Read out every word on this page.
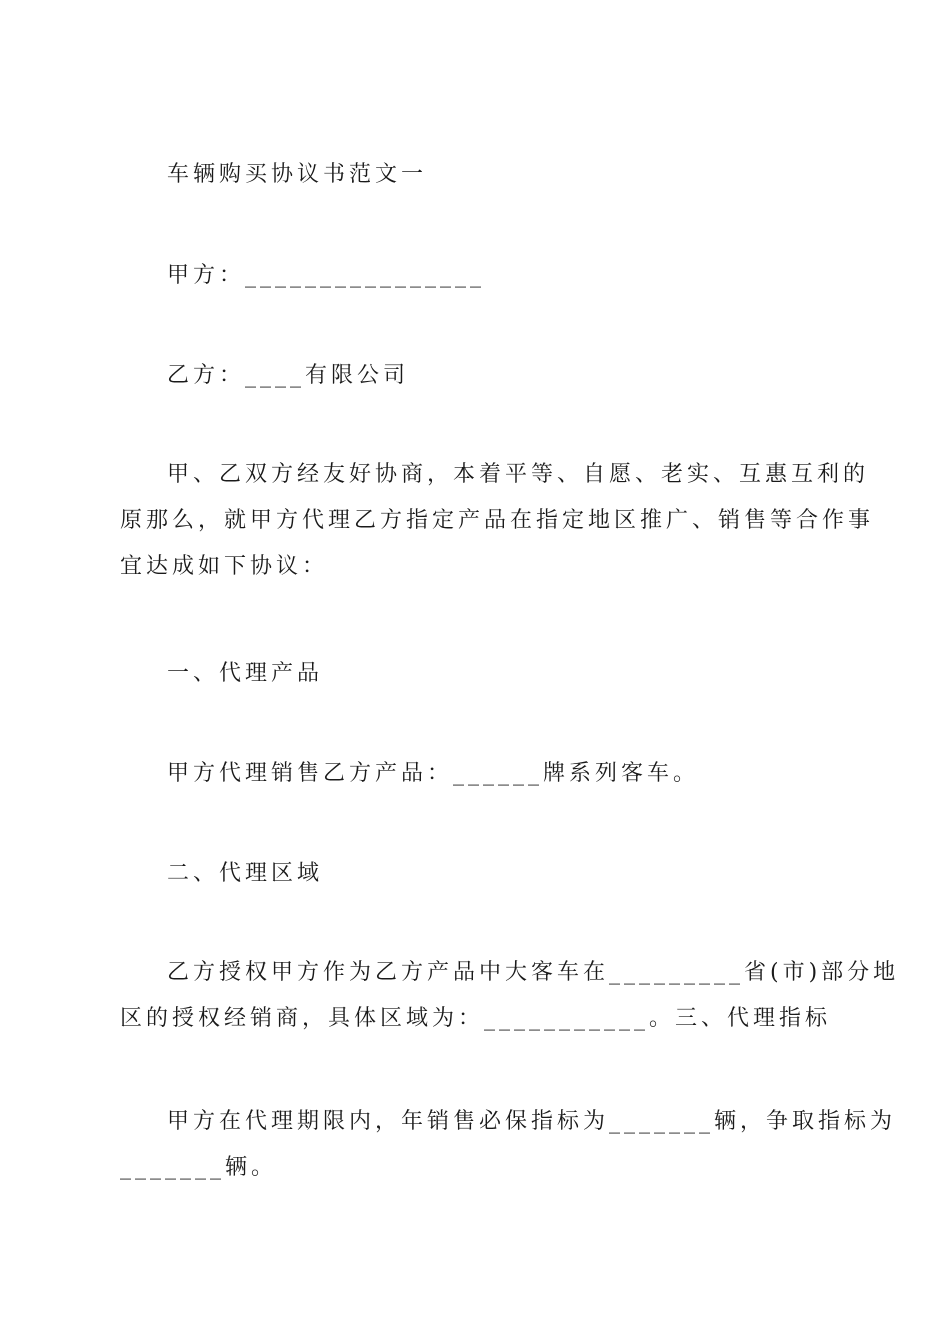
车辆购买协议书范文一
甲方：________________
乙方：____有限公司
甲、乙双方经友好协商，本着平等、自愿、老实、互惠互利的
原那么，就甲方代理乙方指定产品在指定地区推广、销售等合作事
宜达成如下协议：
一、代理产品
甲方代理销售乙方产品：______牌系列客车。
二、代理区域
乙方授权甲方作为乙方产品中大客车在_________省(市)部分地
区的授权经销商，具体区域为：___________。三、代理指标
甲方在代理期限内，年销售必保指标为_______辆，争取指标为
_______辆。
